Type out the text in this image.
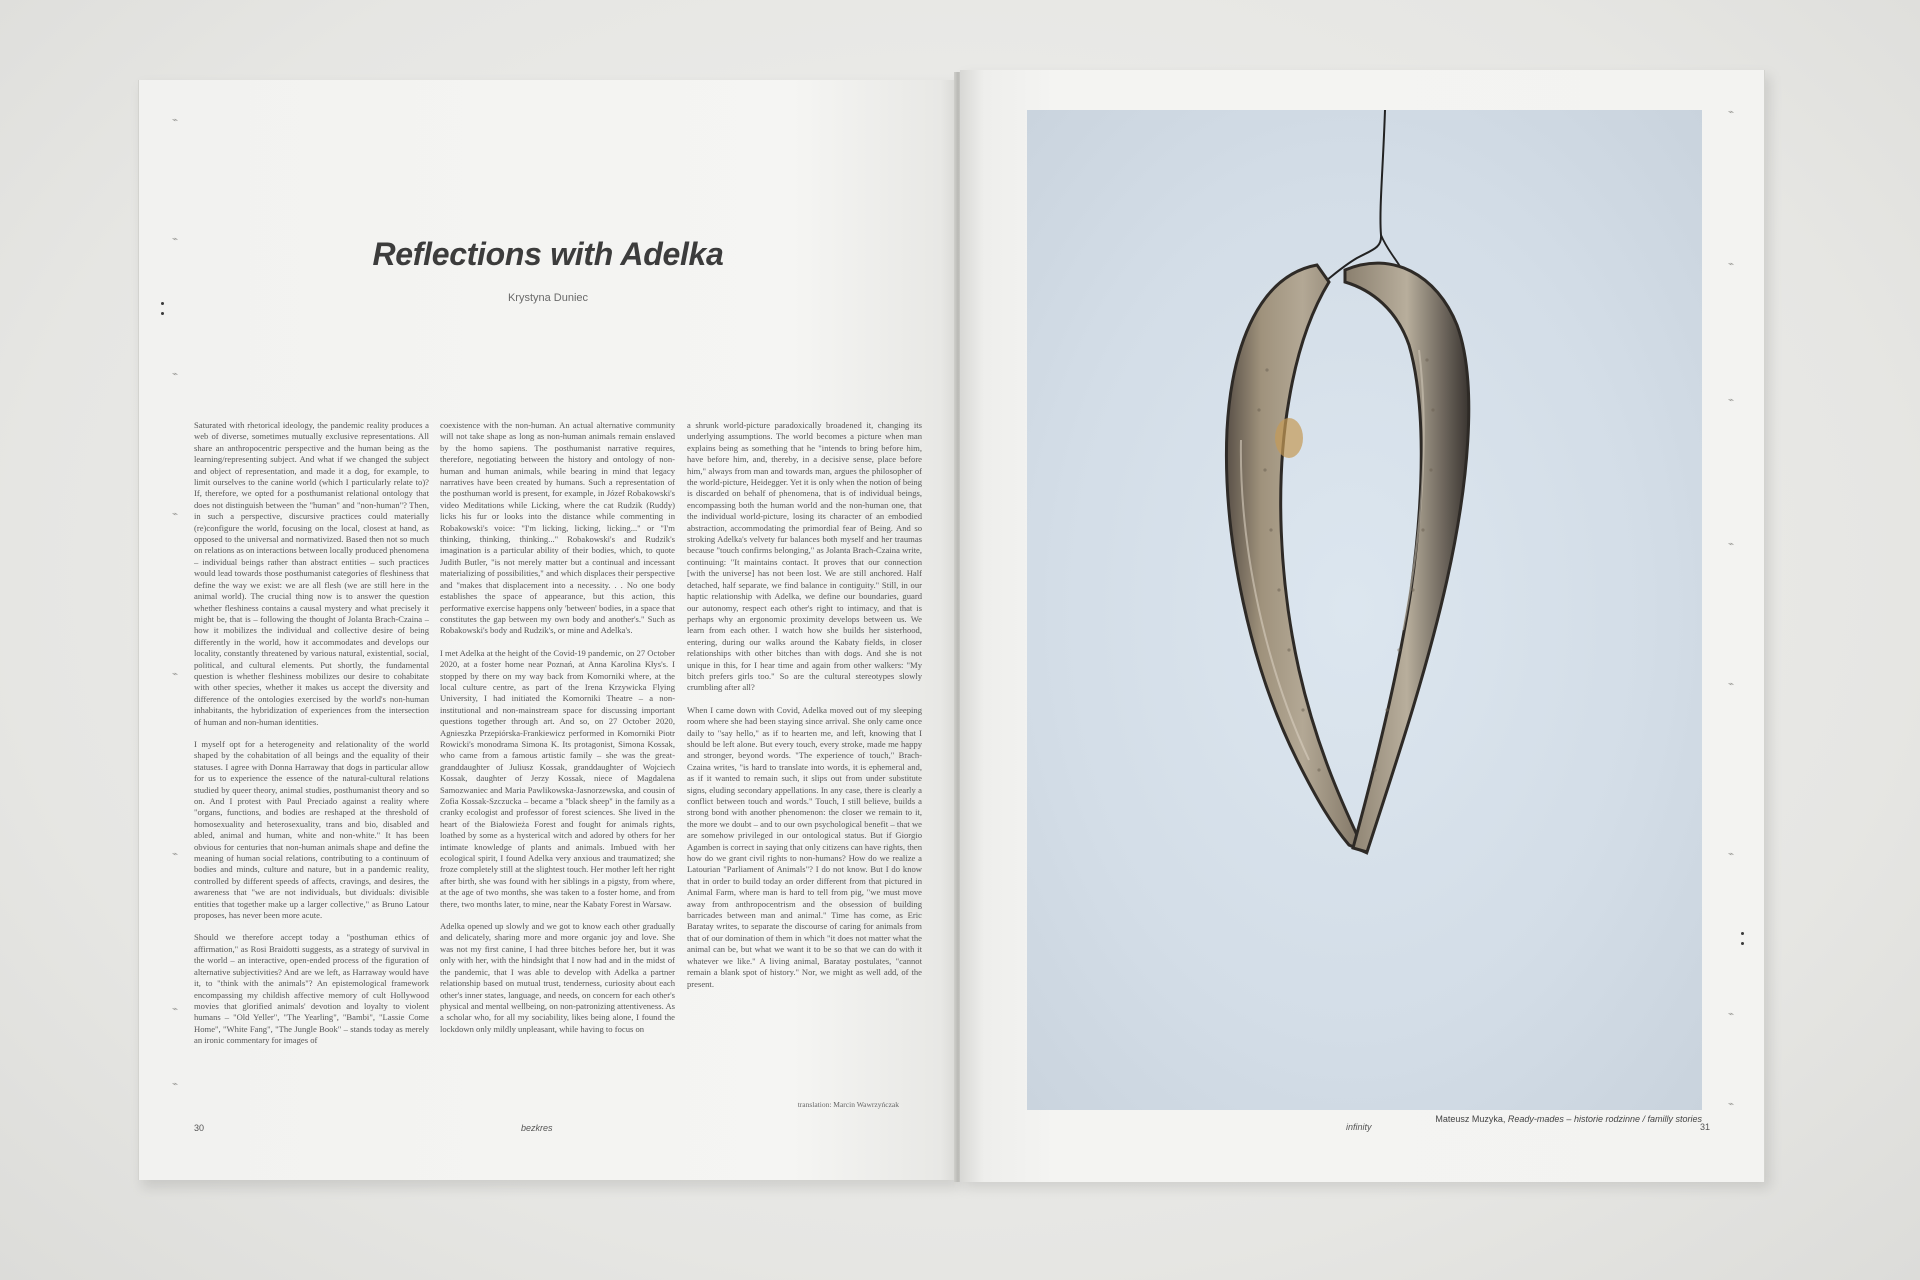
⌁
⌁
⌁
⌁
⌁
⌁
⌁
⌁
Reflections with Adelka
Krystyna Duniec

Saturated with rhetorical ideology, the pandemic reality produces a web of diverse, sometimes mutually exclusive representations. All share an anthropocentric perspective and the human being as the learning/representing subject. And what if we changed the subject and object of representation, and made it a dog, for example, to limit ourselves to the canine world (which I particularly relate to)? If, therefore, we opted for a posthumanist relational ontology that does not distinguish between the "human" and "non-human"? Then, in such a perspective, discursive practices could materially (re)configure the world, focusing on the local, closest at hand, as opposed to the universal and normativized. Based then not so much on relations as on interactions between locally produced phenomena – individual beings rather than abstract entities – such practices would lead towards those posthumanist categories of fleshiness that define the way we exist: we are all flesh (we are still here in the animal world). The crucial thing now is to answer the question whether fleshiness contains a causal mystery and what precisely it might be, that is – following the thought of Jolanta Brach-Czaina – how it mobilizes the individual and collective desire of being differently in the world, how it accommodates and develops our locality, constantly threatened by various natural, existential, social, political, and cultural elements. Put shortly, the fundamental question is whether fleshiness mobilizes our desire to cohabitate with other species, whether it makes us accept the diversity and difference of the ontologies exercised by the world's non-human inhabitants, the hybridization of experiences from the intersection of human and non-human identities.

I myself opt for a heterogeneity and relationality of the world shaped by the cohabitation of all beings and the equality of their statuses. I agree with Donna Harraway that dogs in particular allow for us to experience the essence of the natural-cultural relations studied by queer theory, animal studies, posthumanist theory and so on. And I protest with Paul Preciado against a reality where "organs, functions, and bodies are reshaped at the threshold of homosexuality and heterosexuality, trans and bio, disabled and abled, animal and human, white and non-white." It has been obvious for centuries that non-human animals shape and define the meaning of human social relations, contributing to a continuum of bodies and minds, culture and nature, but in a pandemic reality, controlled by different speeds of affects, cravings, and desires, the awareness that "we are not individuals, but dividuals: divisible entities that together make up a larger collective," as Bruno Latour proposes, has never been more acute.

Should we therefore accept today a "posthuman ethics of affirmation," as Rosi Braidotti suggests, as a strategy of survival in the world – an interactive, open-ended process of the figuration of alternative subjectivities? And are we left, as Harraway would have it, to "think with the animals"? An epistemological framework encompassing my childish affective memory of cult Hollywood movies that glorified animals' devotion and loyalty to violent humans – "Old Yeller", "The Yearling", "Bambi", "Lassie Come Home", "White Fang", "The Jungle Book" – stands today as merely an ironic commentary for images of

coexistence with the non-human. An actual alternative community will not take shape as long as non-human animals remain enslaved by the homo sapiens. The posthumanist narrative requires, therefore, negotiating between the history and ontology of non-human and human animals, while bearing in mind that legacy narratives have been created by humans. Such a representation of the posthuman world is present, for example, in Józef Robakowski's video Meditations while Licking, where the cat Rudzik (Ruddy) licks his fur or looks into the distance while commenting in Robakowski's voice: "I'm licking, licking, licking..." or "I'm thinking, thinking, thinking..." Robakowski's and Rudzik's imagination is a particular ability of their bodies, which, to quote Judith Butler, "is not merely matter but a continual and incessant materializing of possibilities," and which displaces their perspective and "makes that displacement into a necessity. . . No one body establishes the space of appearance, but this action, this performative exercise happens only 'between' bodies, in a space that constitutes the gap between my own body and another's." Such as Robakowski's body and Rudzik's, or mine and Adelka's.

I met Adelka at the height of the Covid-19 pandemic, on 27 October 2020, at a foster home near Poznań, at Anna Karolina Kłys's. I stopped by there on my way back from Komorniki where, at the local culture centre, as part of the Irena Krzywicka Flying University, I had initiated the Komorniki Theatre – a non-institutional and non-mainstream space for discussing important questions together through art. And so, on 27 October 2020, Agnieszka Przepiórska-Frankiewicz performed in Komorniki Piotr Rowicki's monodrama Simona K. Its protagonist, Simona Kossak, who came from a famous artistic family – she was the great-granddaughter of Juliusz Kossak, granddaughter of Wojciech Kossak, daughter of Jerzy Kossak, niece of Magdalena Samozwaniec and Maria Pawlikowska-Jasnorzewska, and cousin of Zofia Kossak-Szczucka – became a "black sheep" in the family as a cranky ecologist and professor of forest sciences. She lived in the heart of the Białowieża Forest and fought for animals rights, loathed by some as a hysterical witch and adored by others for her intimate knowledge of plants and animals. Imbued with her ecological spirit, I found Adelka very anxious and traumatized; she froze completely still at the slightest touch. Her mother left her right after birth, she was found with her siblings in a pigsty, from where, at the age of two months, she was taken to a foster home, and from there, two months later, to mine, near the Kabaty Forest in Warsaw.

Adelka opened up slowly and we got to know each other gradually and delicately, sharing more and more organic joy and love. She was not my first canine, I had three bitches before her, but it was only with her, with the hindsight that I now had and in the midst of the pandemic, that I was able to develop with Adelka a partner relationship based on mutual trust, tenderness, curiosity about each other's inner states, language, and needs, on concern for each other's physical and mental wellbeing, on non-patronizing attentiveness. As a scholar who, for all my sociability, likes being alone, I found the lockdown only mildly unpleasant, while having to focus on

a shrunk world-picture paradoxically broadened it, changing its underlying assumptions. The world becomes a picture when man explains being as something that he "intends to bring before him, have before him, and, thereby, in a decisive sense, place before him," always from man and towards man, argues the philosopher of the world-picture, Heidegger. Yet it is only when the notion of being is discarded on behalf of phenomena, that is of individual beings, encompassing both the human world and the non-human one, that the individual world-picture, losing its character of an embodied abstraction, accommodating the primordial fear of Being. And so stroking Adelka's velvety fur balances both myself and her traumas because "touch confirms belonging," as Jolanta Brach-Czaina write, continuing: "It maintains contact. It proves that our connection [with the universe] has not been lost. We are still anchored. Half detached, half separate, we find balance in contiguity." Still, in our haptic relationship with Adelka, we define our boundaries, guard our autonomy, respect each other's right to intimacy, and that is perhaps why an ergonomic proximity develops between us. We learn from each other. I watch how she builds her sisterhood, entering, during our walks around the Kabaty fields, in closer relationships with other bitches than with dogs. And she is not unique in this, for I hear time and again from other walkers: "My bitch prefers girls too." So are the cultural stereotypes slowly crumbling after all?

When I came down with Covid, Adelka moved out of my sleeping room where she had been staying since arrival. She only came once daily to "say hello," as if to hearten me, and left, knowing that I should be left alone. But every touch, every stroke, made me happy and stronger, beyond words. "The experience of touch," Brach-Czaina writes, "is hard to translate into words, it is ephemeral and, as if it wanted to remain such, it slips out from under substitute signs, eluding secondary appellations. In any case, there is clearly a conflict between touch and words." Touch, I still believe, builds a strong bond with another phenomenon: the closer we remain to it, the more we doubt – and to our own psychological benefit – that we are somehow privileged in our ontological status. But if Giorgio Agamben is correct in saying that only citizens can have rights, then how do we grant civil rights to non-humans? How do we realize a Latourian "Parliament of Animals"? I do not know. But I do know that in order to build today an order different from that pictured in Animal Farm, where man is hard to tell from pig, "we must move away from anthropocentrism and the obsession of building barricades between man and animal." Time has come, as Eric Baratay writes, to separate the discourse of caring for animals from that of our domination of them in which "it does not matter what the animal can be, but what we want it to be so that we can do with it whatever we like." A living animal, Baratay postulates, "cannot remain a blank spot of history." Nor, we might as well add, of the present.

translation: Marcin Wawrzyńczak
30	bezkres
⌁
⌁
⌁
⌁
⌁
⌁
⌁
⌁
Mateusz Muzyka, Ready-mades – historie rodzinne / familly stories
infinity	31
